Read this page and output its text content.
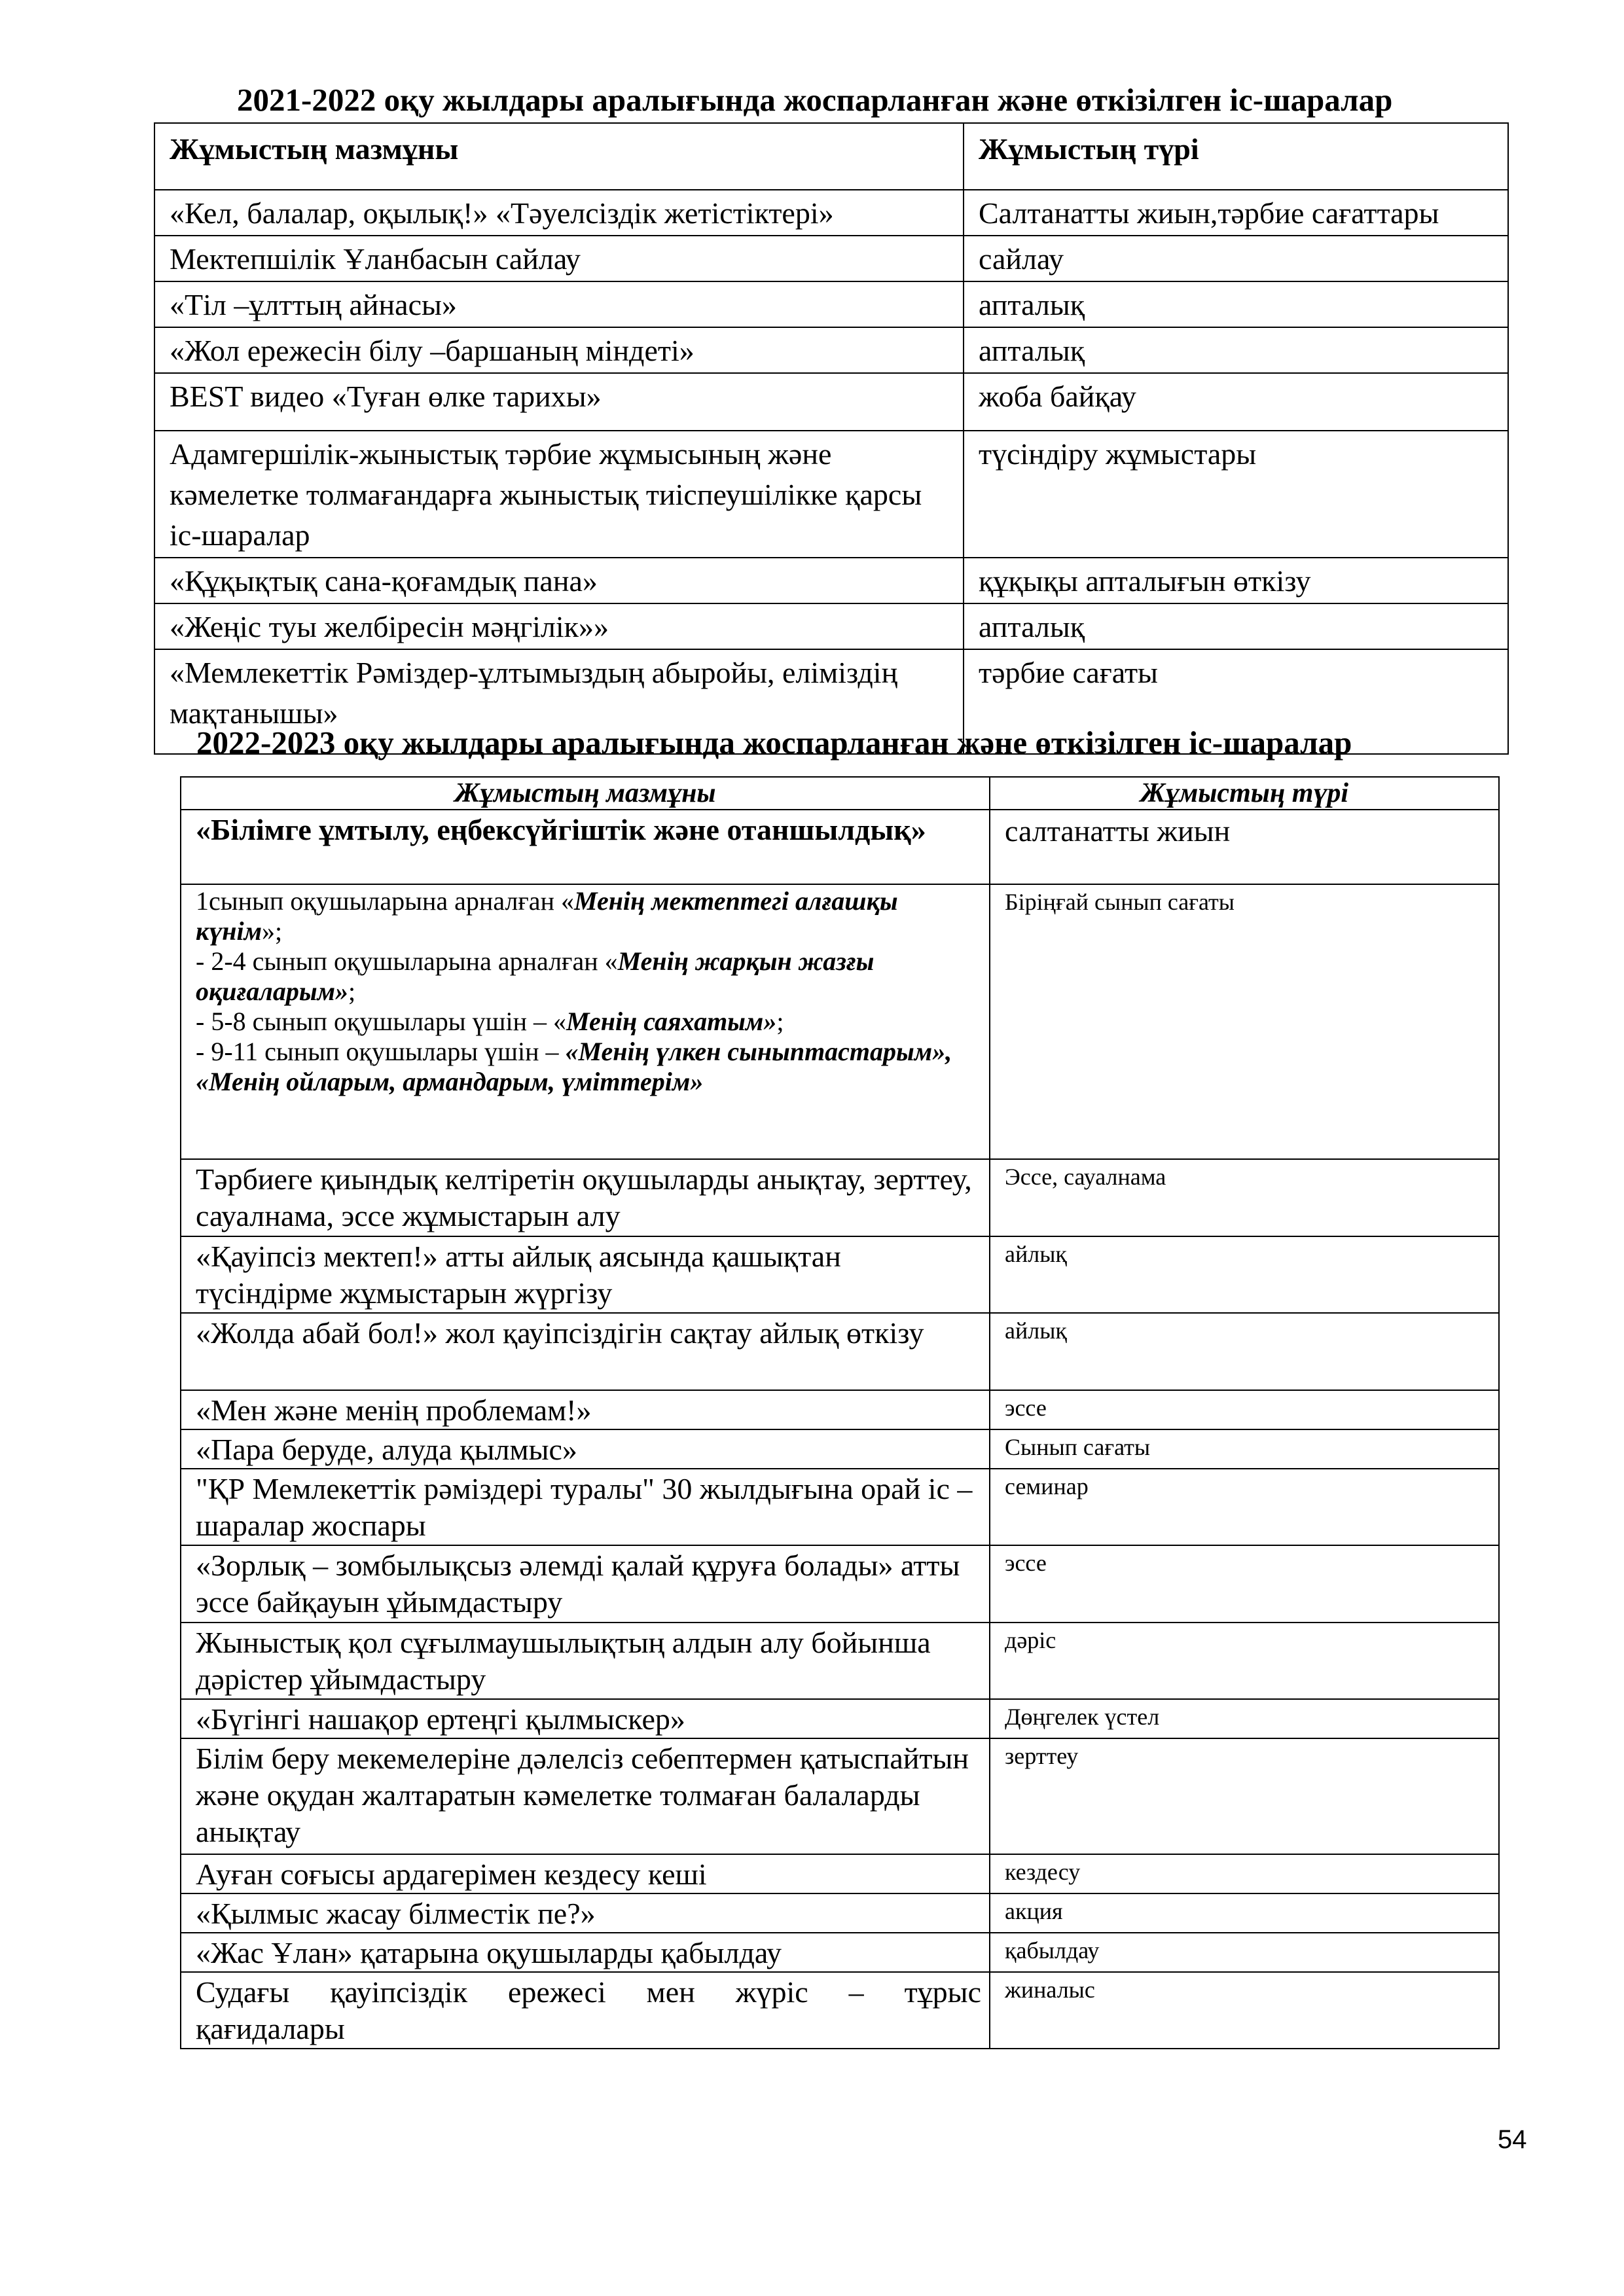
2021-2022 оқу жылдары аралығында жоспарланған және өткізілген іс-шаралар
Жұмыстың мазмұны	Жұмыстың түрі
«Кел, балалар, оқылық!» «Тәуелсіздік жетістіктері»	Салтанатты жиын,тәрбие сағаттары
Мектепшілік Ұланбасын сайлау	сайлау
«Тіл –ұлттың айнасы»	апталық
«Жол ережесін білу –баршаның міндеті»	апталық
BEST видео «Туған өлке тарихы»	жоба байқау
Адамгершілік-жыныстық тәрбие жұмысының және кәмелетке толмағандарға жыныстық тиіспеушілікке қарсы іс-шаралар	түсіндіру жұмыстары
«Құқықтық сана-қоғамдық пана»	құқықы апталығын өткізу
«Жеңіс туы желбіресін мәңгілік»»	апталық
«Мемлекеттік Рәміздер-ұлтымыздың абыройы, еліміздің мақтанышы»	тәрбие сағаты
2022-2023 оқу жылдары аралығында жоспарланған және өткізілген іс-шаралар
Жұмыстың мазмұны	Жұмыстың түрі
«Білімге ұмтылу, еңбексүйгіштік және отаншылдық»	салтанатты жиын

1сынып оқушыларына арналған «Менің мектептегі алғашқы күнім»;
- 2-4 сынып оқушыларына арналған «Менің жарқын жазғы оқиғаларым»;
- 5-8 сынып оқушылары үшін – «Менің саяхатым»;
- 9-11 сынып оқушылары үшін – «Менің үлкен сыныптастарым», «Менің ойларым, армандарым, үміттерім»	Біріңғай сынып сағаты
Тәрбиеге қиындық келтіретін оқушыларды анықтау, зерттеу, сауалнама, эссе жұмыстарын алу	Эссе, сауалнама
«Қауіпсіз мектеп!» атты айлық аясында қашықтан түсіндірме жұмыстарын жүргізу	айлық
«Жолда абай бол!» жол қауіпсіздігін сақтау айлық өткізу	айлық
«Мен және менің проблемам!»	эссе
«Пара беруде, алуда қылмыс»	Сынып сағаты
"ҚР Мемлекеттік рәміздері туралы" 30 жылдығына орай іс – шаралар жоспары	семинар
«Зорлық – зомбылықсыз әлемді қалай құруға болады» атты эссе байқауын ұйымдастыру	эссе
Жыныстық қол сұғылмаушылықтың алдын алу бойынша дәрістер ұйымдастыру	дәріс
«Бүгінгі нашақор ертеңгі қылмыскер»	Дөңгелек үстел
Білім беру мекемелеріне дәлелсіз себептермен қатыспайтын және оқудан жалтаратын кәмелетке толмаған балаларды анықтау	зерттеу
Ауған соғысы ардагерімен кездесу кеші	кездесу
«Қылмыс жасау білместік пе?»	акция
«Жас Ұлан» қатарына оқушыларды қабылдау	қабылдау

Судағы қауіпсіздік ережесі мен жүріс – тұрыс
қағидалары	жиналыс
54
